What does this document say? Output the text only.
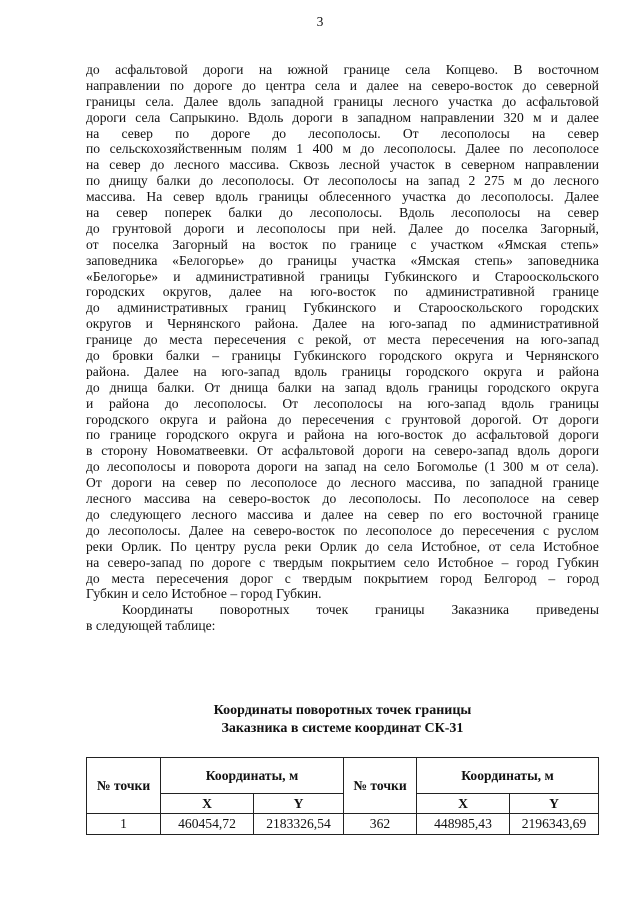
3
до асфальтовой дороги на южной границе села Копцево. В восточном
направлении по дороге до центра села и далее на северо-восток до северной
границы села. Далее вдоль западной границы лесного участка до асфальтовой
дороги села Сапрыкино. Вдоль дороги в западном направлении 320 м и далее
на север по дороге до лесополосы. От лесополосы на север
по сельскохозяйственным полям 1 400 м до лесополосы. Далее по лесополосе
на север до лесного массива. Сквозь лесной участок в северном направлении
по днищу балки до лесополосы. От лесополосы на запад 2 275 м до лесного
массива. На север вдоль границы облесенного участка до лесополосы. Далее
на север поперек балки до лесополосы. Вдоль лесополосы на север
до грунтовой дороги и лесополосы при ней. Далее до поселка Загорный,
от поселка Загорный на восток по границе с участком «Ямская степь»
заповедника «Белогорье» до границы участка «Ямская степь» заповедника
«Белогорье» и административной границы Губкинского и Старооскольского
городских округов, далее на юго-восток по административной границе
до административных границ Губкинского и Старооскольского городских
округов и Чернянского района. Далее на юго-запад по административной
границе до места пересечения с рекой, от места пересечения на юго-запад
до бровки балки – границы Губкинского городского округа и Чернянского
района. Далее на юго-запад вдоль границы городского округа и района
до днища балки. От днища балки на запад вдоль границы городского округа
и района до лесополосы. От лесополосы на юго-запад вдоль границы
городского округа и района до пересечения с грунтовой дорогой. От дороги
по границе городского округа и района на юго-восток до асфальтовой дороги
в сторону Новоматвеевки. От асфальтовой дороги на северо-запад вдоль дороги
до лесополосы и поворота дороги на запад на село Богомолье (1 300 м от села).
От дороги на север по лесополосе до лесного массива, по западной границе
лесного массива на северо-восток до лесополосы. По лесополосе на север
до следующего лесного массива и далее на север по его восточной границе
до лесополосы. Далее на северо-восток по лесополосе до пересечения с руслом
реки Орлик. По центру русла реки Орлик до села Истобное, от села Истобное
на северо-запад по дороге с твердым покрытием село Истобное – город Губкин
до места пересечения дорог с твердым покрытием город Белгород – город
Губкин и село Истобное – город Губкин.
Координаты поворотных точек границы Заказника приведены
в следующей таблице:
Координаты поворотных точек границы
Заказника в системе координат СК-31
№ точки	Координаты, м		№ точки	Координаты, м	
	X	Y		X	Y
1	460454,72	2183326,54	362	448985,43	2196343,69
